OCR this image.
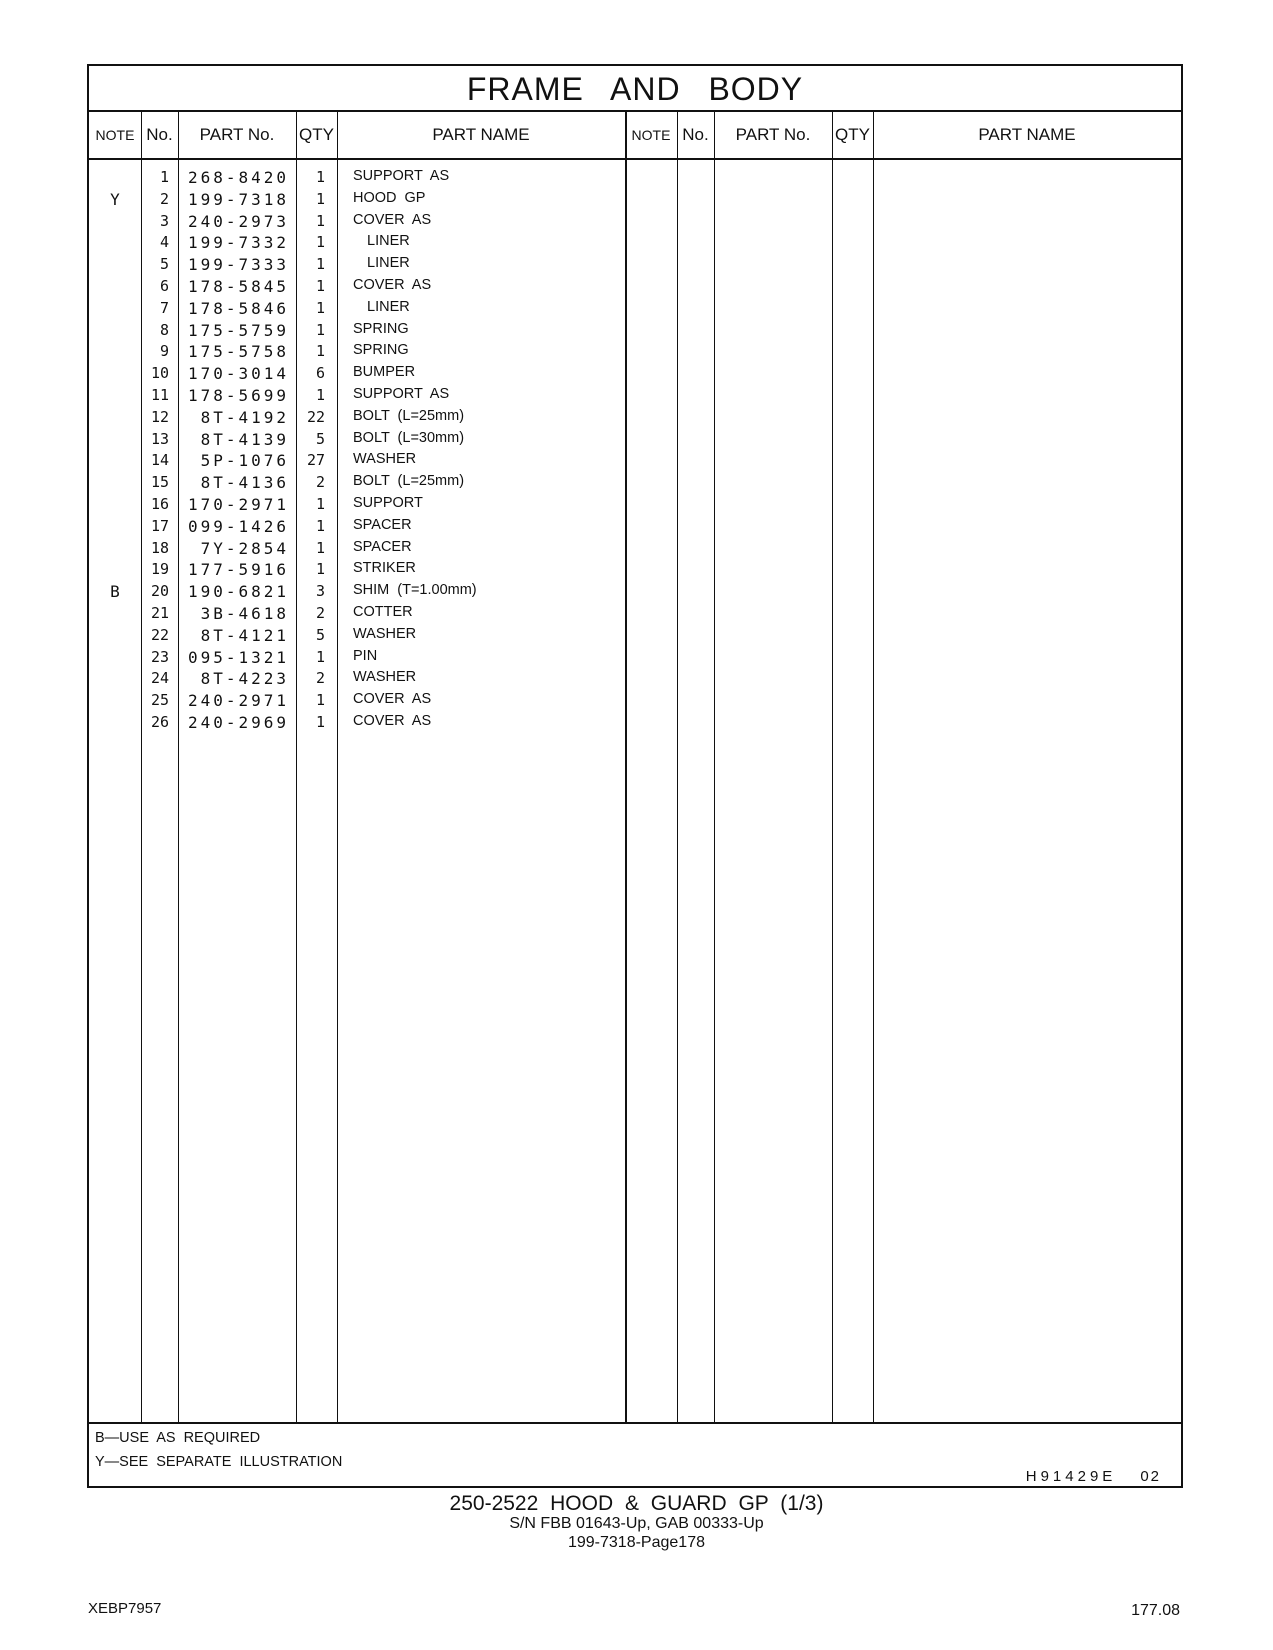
FRAME AND BODY
NOTE No.	PART No.	QTY	PART NAME	NOTE No.	PART No.	QTY	PART NAME
1	268-8420	1 SUPPORT AS
Y	2	199-7318	1 HOOD GP
3	240-2973	1 COVER AS
4	199-7332	1	LINER
5	199-7333	1	LINER
6	178-5845	1 COVER AS
7	178-5846	1	LINER
8	175-5759	1 SPRING
9	175-5758	1 SPRING
10	170-3014	6 BUMPER
11	178-5699	1 SUPPORT AS
12	8T-4192	22 BOLT (L=25mm)
13	8T-4139	5 BOLT (L=30mm)
14	5P-1076	27 WASHER
15	8T-4136	2 BOLT (L=25mm)
16	170-2971	1 SUPPORT
17	099-1426	1 SPACER
18	7Y-2854	1 SPACER
19	177-5916	1 STRIKER
B	20	190-6821	3 SHIM (T=1.00mm)
21	3B-4618	2 COTTER
22	8T-4121	5 WASHER
23	095-1321	1 PIN
24	8T-4223	2 WASHER
25	240-2971	1 COVER AS
26	240-2969	1 COVER AS
B—USE AS REQUIRED
Y—SEE SEPARATE ILLUSTRATION
H91429E 02
250-2522 HOOD & GUARD GP (1/3)
S/N FBB 01643-Up, GAB 00333-Up
199-7318-Page178
XEBP7957	177.08
